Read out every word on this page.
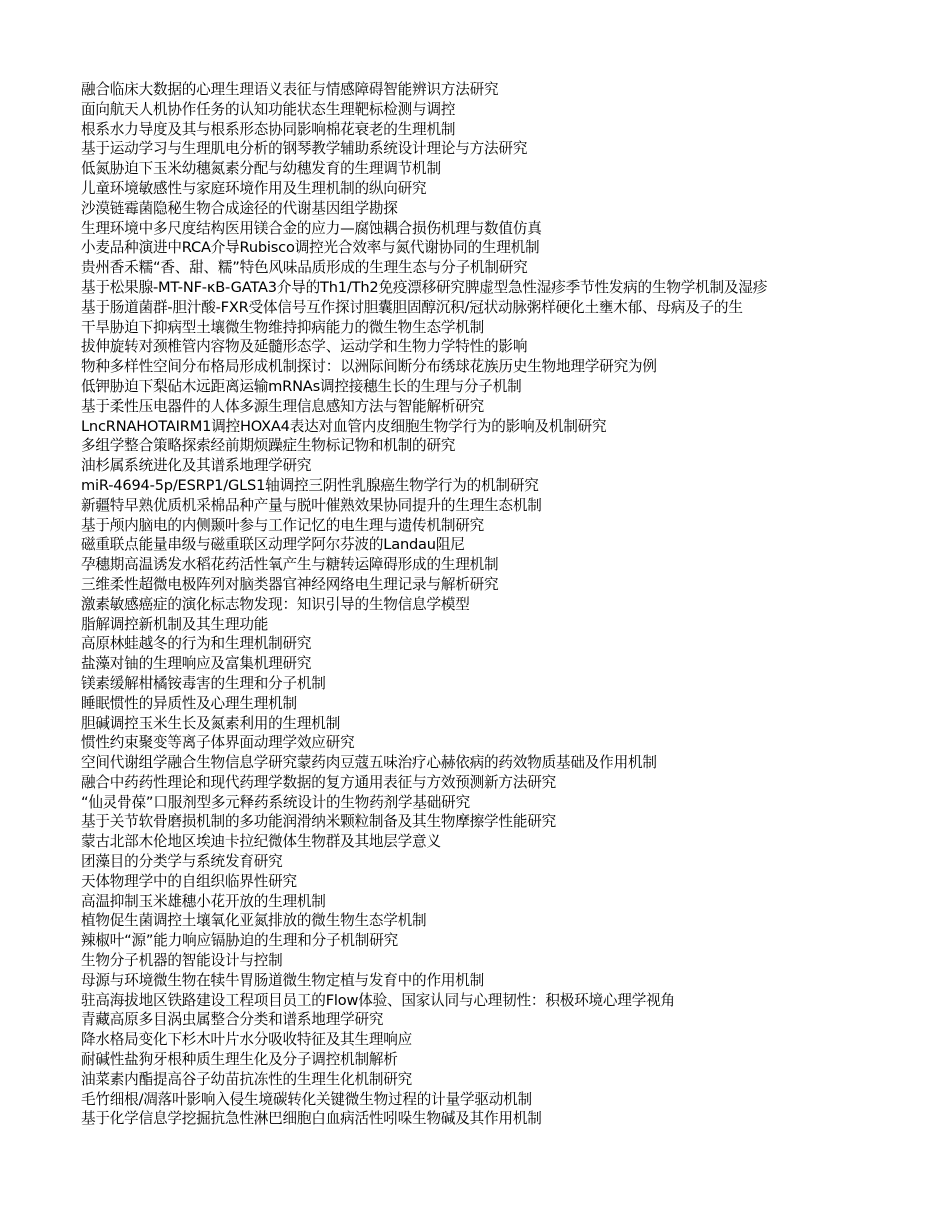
融合临床大数据的心理生理语义表征与情感障碍智能辨识方法研究
面向航天人机协作任务的认知功能状态生理靶标检测与调控
根系水力导度及其与根系形态协同影响棉花衰老的生理机制
基于运动学习与生理肌电分析的钢琴教学辅助系统设计理论与方法研究
低氮胁迫下玉米幼穗氮素分配与幼穗发育的生理调节机制
儿童环境敏感性与家庭环境作用及生理机制的纵向研究
沙漠链霉菌隐秘生物合成途径的代谢基因组学勘探
生理环境中多尺度结构医用镁合金的应力—腐蚀耦合损伤机理与数值仿真
小麦品种演进中RCA介导Rubisco调控光合效率与氮代谢协同的生理机制
贵州香禾糯“香、甜、糯”特色风味品质形成的生理生态与分子机制研究
基于松果腺-MT-NF-κB-GATA3介导的Th1/Th2免疫漂移研究脾虚型急性湿疹季节性发病的生物学机制及湿疹
基于肠道菌群-胆汁酸-FXR受体信号互作探讨胆囊胆固醇沉积/冠状动脉粥样硬化土壅木郁、母病及子的生
干旱胁迫下抑病型土壤微生物维持抑病能力的微生物生态学机制
拔伸旋转对颈椎管内容物及延髓形态学、运动学和生物力学特性的影响
物种多样性空间分布格局形成机制探讨：以洲际间断分布绣球花族历史生物地理学研究为例
低钾胁迫下梨砧木远距离运输mRNAs调控接穗生长的生理与分子机制
基于柔性压电器件的人体多源生理信息感知方法与智能解析研究
LncRNAHOTAIRM1调控HOXA4表达对血管内皮细胞生物学行为的影响及机制研究
多组学整合策略探索经前期烦躁症生物标记物和机制的研究
油杉属系统进化及其谱系地理学研究
miR-4694-5p/ESRP1/GLS1轴调控三阴性乳腺癌生物学行为的机制研究
新疆特早熟优质机采棉品种产量与脱叶催熟效果协同提升的生理生态机制
基于颅内脑电的内侧颞叶参与工作记忆的电生理与遗传机制研究
磁重联点能量串级与磁重联区动理学阿尔芬波的Landau阻尼
孕穗期高温诱发水稻花药活性氧产生与糖转运障碍形成的生理机制
三维柔性超微电极阵列对脑类器官神经网络电生理记录与解析研究
激素敏感癌症的演化标志物发现：知识引导的生物信息学模型
脂解调控新机制及其生理功能
高原林蛙越冬的行为和生理机制研究
盐藻对铀的生理响应及富集机理研究
镁素缓解柑橘铵毒害的生理和分子机制
睡眠惯性的异质性及心理生理机制
胆碱调控玉米生长及氮素利用的生理机制
惯性约束聚变等离子体界面动理学效应研究
空间代谢组学融合生物信息学研究蒙药肉豆蔻五味治疗心赫依病的药效物质基础及作用机制
融合中药药性理论和现代药理学数据的复方通用表征与方效预测新方法研究
“仙灵骨葆”口服剂型多元释药系统设计的生物药剂学基础研究
基于关节软骨磨损机制的多功能润滑纳米颗粒制备及其生物摩擦学性能研究
蒙古北部木伦地区埃迪卡拉纪微体生物群及其地层学意义
团藻目的分类学与系统发育研究
天体物理学中的自组织临界性研究
高温抑制玉米雄穗小花开放的生理机制
植物促生菌调控土壤氧化亚氮排放的微生物生态学机制
辣椒叶“源”能力响应镉胁迫的生理和分子机制研究
生物分子机器的智能设计与控制
母源与环境微生物在犊牛胃肠道微生物定植与发育中的作用机制
驻高海拔地区铁路建设工程项目员工的Flow体验、国家认同与心理韧性：积极环境心理学视角
青藏高原多目涡虫属整合分类和谱系地理学研究
降水格局变化下杉木叶片水分吸收特征及其生理响应
耐碱性盐狗牙根种质生理生化及分子调控机制解析
油菜素内酯提高谷子幼苗抗冻性的生理生化机制研究
毛竹细根/凋落叶影响入侵生境碳转化关键微生物过程的计量学驱动机制
基于化学信息学挖掘抗急性淋巴细胞白血病活性吲哚生物碱及其作用机制
